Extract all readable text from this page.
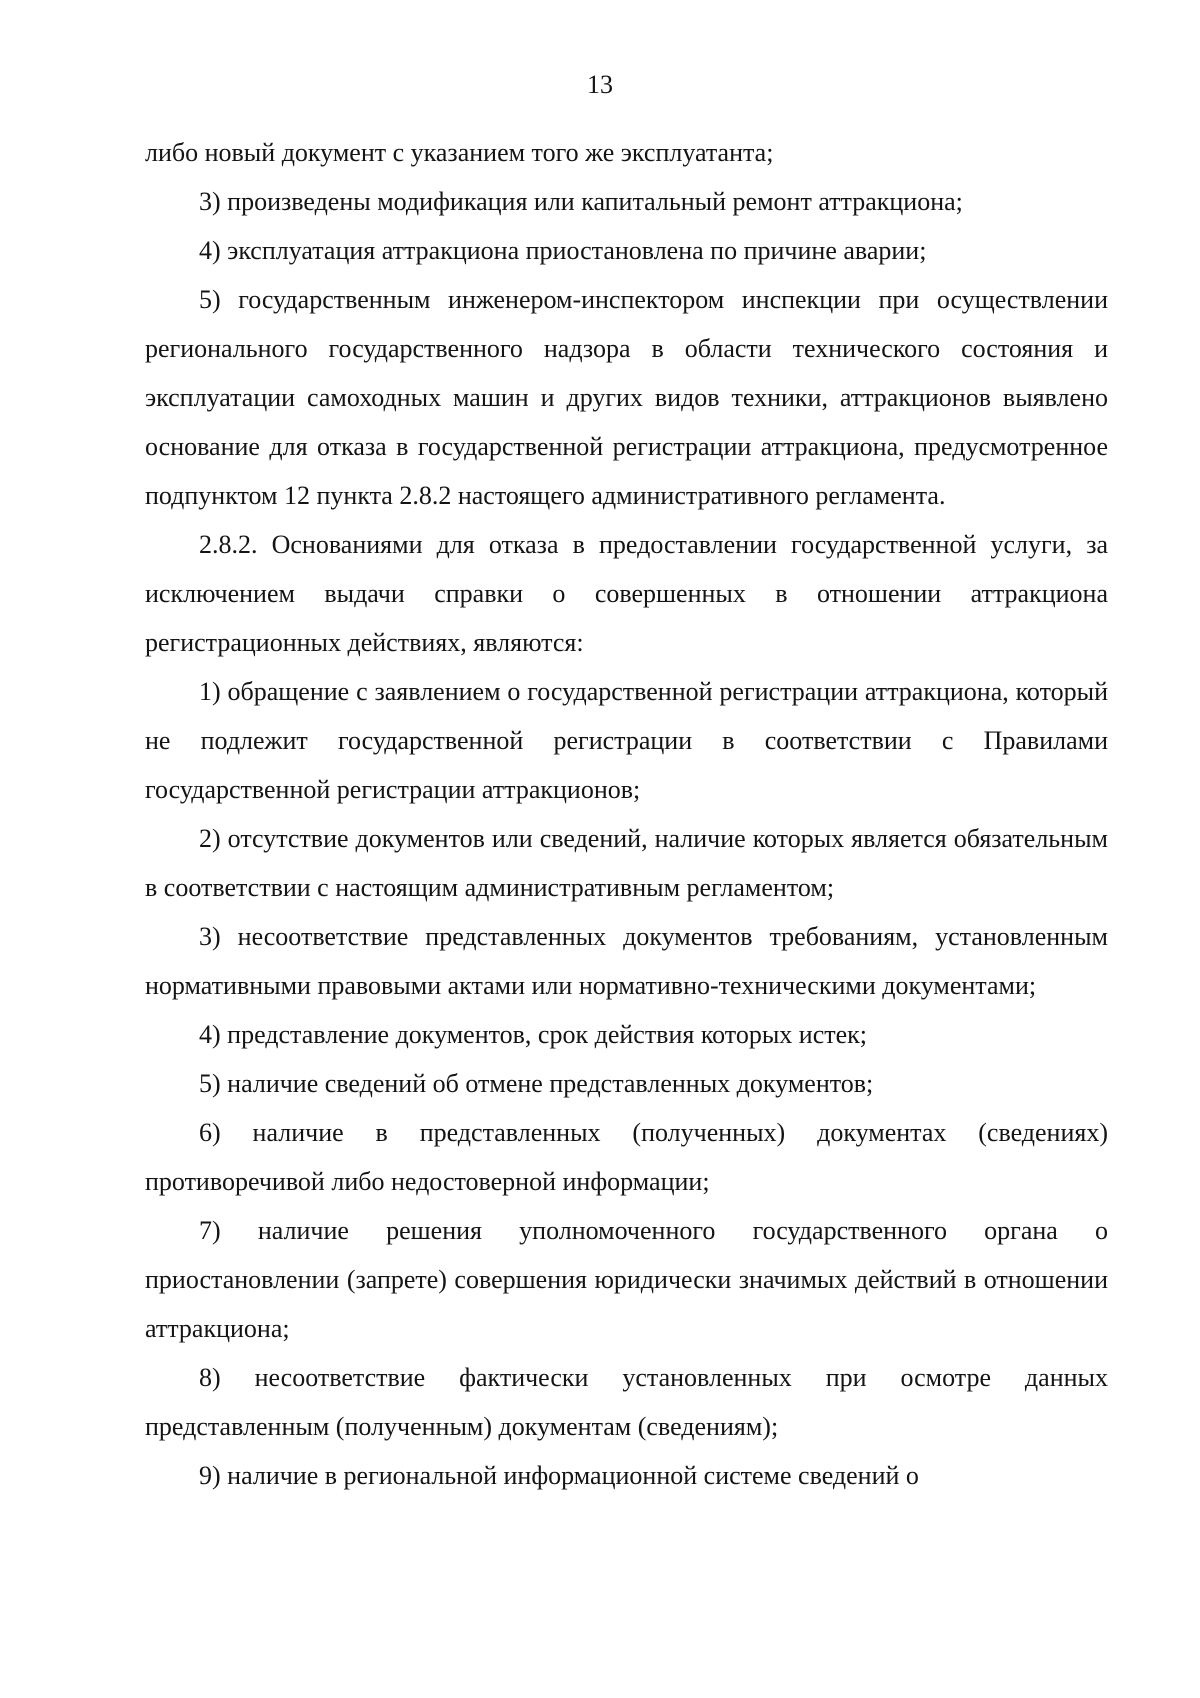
13

либо новый документ с указанием того же эксплуатанта;

3) произведены модификация или капитальный ремонт аттракциона;

4) эксплуатация аттракциона приостановлена по причине аварии;

5) государственным инженером-инспектором инспекции при осуществлении регионального государственного надзора в области технического состояния и эксплуатации самоходных машин и других видов техники, аттракционов выявлено основание для отказа в государственной регистрации аттракциона, предусмотренное подпунктом 12 пункта 2.8.2 настоящего административного регламента.

2.8.2. Основаниями для отказа в предоставлении государственной услуги, за исключением выдачи справки о совершенных в отношении аттракциона регистрационных действиях, являются:

1) обращение с заявлением о государственной регистрации аттракциона, который не подлежит государственной регистрации в соответствии с Правилами государственной регистрации аттракционов;

2) отсутствие документов или сведений, наличие которых является обязательным в соответствии с настоящим административным регламентом;

3) несоответствие представленных документов требованиям, установленным нормативными правовыми актами или нормативно-техническими документами;

4) представление документов, срок действия которых истек;

5) наличие сведений об отмене представленных документов;

6) наличие в представленных (полученных) документах (сведениях) противоречивой либо недостоверной информации;

7) наличие решения уполномоченного государственного органа о приостановлении (запрете) совершения юридически значимых действий в отношении аттракциона;

8) несоответствие фактически установленных при осмотре данных представленным (полученным) документам (сведениям);

9) наличие в региональной информационной системе сведений о
